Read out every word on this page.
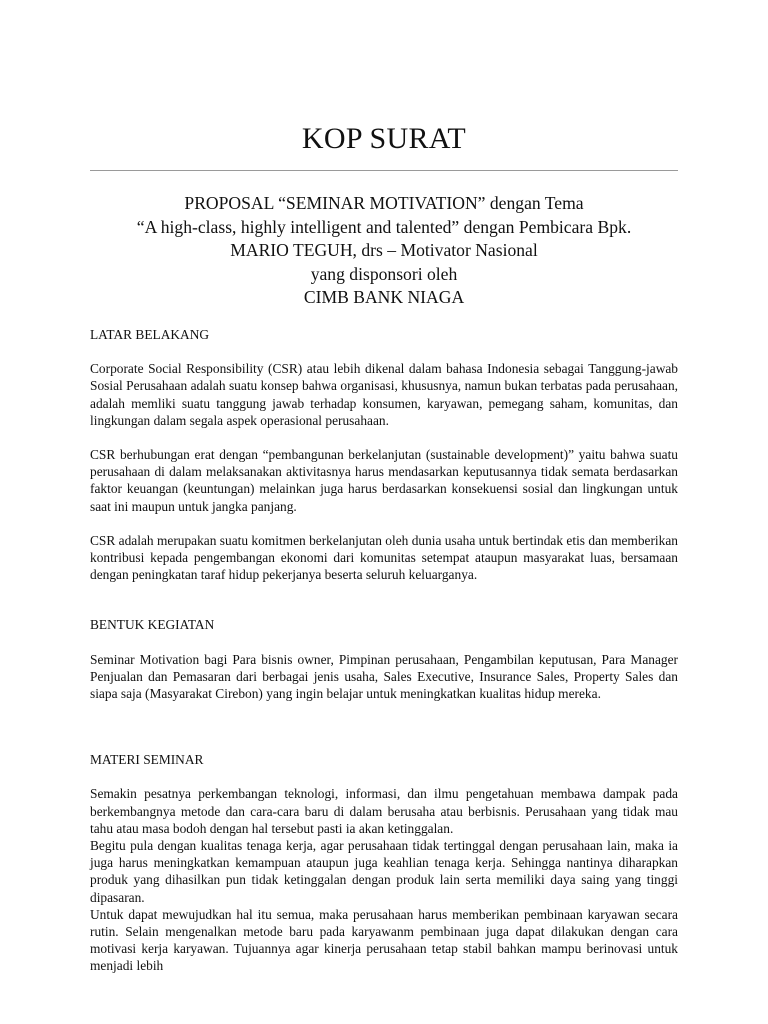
KOP SURAT
PROPOSAL “SEMINAR MOTIVATION” dengan Tema
“A high-class, highly intelligent and talented” dengan Pembicara Bpk.
MARIO TEGUH, drs – Motivator Nasional
yang disponsori oleh
CIMB BANK NIAGA

LATAR BELAKANG

Corporate Social Responsibility (CSR) atau lebih dikenal dalam bahasa Indonesia sebagai Tanggung-jawab Sosial Perusahaan adalah suatu konsep bahwa organisasi, khususnya, namun bukan terbatas pada perusahaan, adalah memliki suatu tanggung jawab terhadap konsumen, karyawan, pemegang saham, komunitas, dan lingkungan dalam segala aspek operasional perusahaan.

CSR berhubungan erat dengan “pembangunan berkelanjutan (sustainable development)” yaitu bahwa suatu perusahaan di dalam melaksanakan aktivitasnya harus mendasarkan keputusannya tidak semata berdasarkan faktor keuangan (keuntungan) melainkan juga harus berdasarkan konsekuensi sosial dan lingkungan untuk saat ini maupun untuk jangka panjang.

CSR adalah merupakan suatu komitmen berkelanjutan oleh dunia usaha untuk bertindak etis dan memberikan kontribusi kepada pengembangan ekonomi dari komunitas setempat ataupun masyarakat luas, bersamaan dengan peningkatan taraf hidup pekerjanya beserta seluruh keluarganya.

BENTUK KEGIATAN

Seminar Motivation bagi Para bisnis owner, Pimpinan perusahaan, Pengambilan keputusan, Para Manager Penjualan dan Pemasaran dari berbagai jenis usaha, Sales Executive, Insurance Sales, Property Sales dan siapa saja (Masyarakat Cirebon) yang ingin belajar untuk meningkatkan kualitas hidup mereka.

MATERI SEMINAR

Semakin pesatnya perkembangan teknologi, informasi, dan ilmu pengetahuan membawa dampak pada berkembangnya metode dan cara-cara baru di dalam berusaha atau berbisnis. Perusahaan yang tidak mau tahu atau masa bodoh dengan hal tersebut pasti ia akan ketinggalan.

Begitu pula dengan kualitas tenaga kerja, agar perusahaan tidak tertinggal dengan perusahaan lain, maka ia juga harus meningkatkan kemampuan ataupun juga keahlian tenaga kerja. Sehingga nantinya diharapkan produk yang dihasilkan pun tidak ketinggalan dengan produk lain serta memiliki daya saing yang tinggi dipasaran.

Untuk dapat mewujudkan hal itu semua, maka perusahaan harus memberikan pembinaan karyawan secara rutin. Selain mengenalkan metode baru pada karyawanm pembinaan juga dapat dilakukan dengan cara motivasi kerja karyawan. Tujuannya agar kinerja perusahaan tetap stabil bahkan mampu berinovasi untuk menjadi lebih
